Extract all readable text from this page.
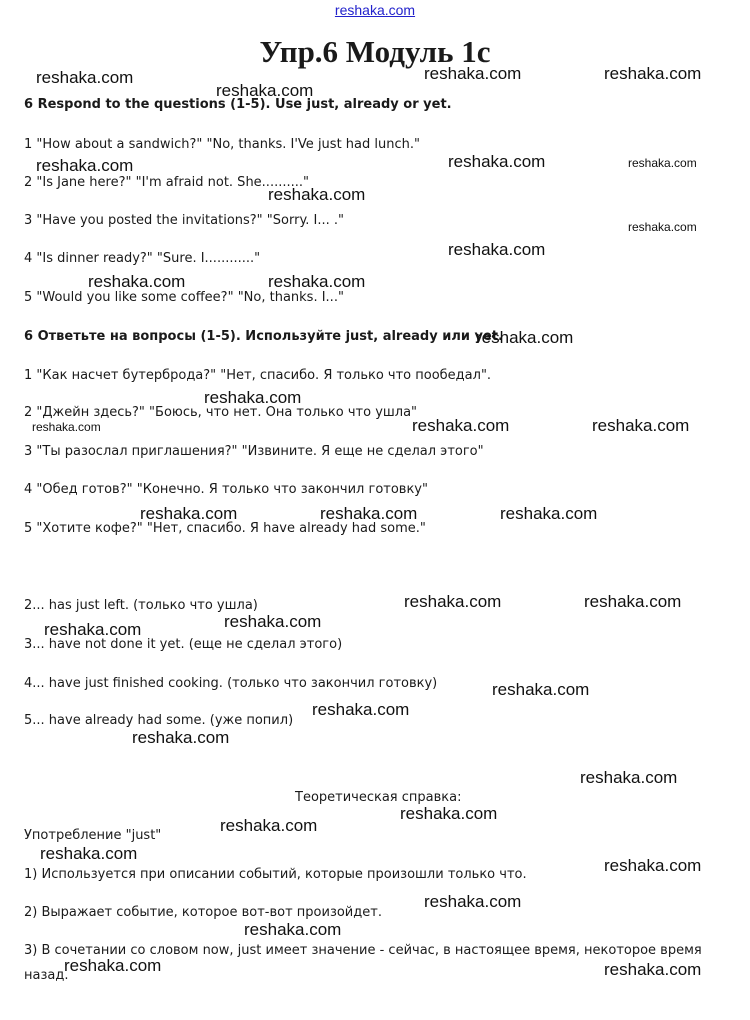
reshaka.com
Упр.6 Модуль 1с
6 Respond to the questions (1-5). Use just, already or yet.
1 "How about a sandwich?" "No, thanks. I'Ve just had lunch."
2 "Is Jane here?" "I'm afraid not. She.........."
3 "Have you posted the invitations?" "Sorry. I... ."
4 "Is dinner ready?" "Sure. I............"
5 "Would you like some coffee?" "No, thanks. I..."
6 Ответьте на вопросы (1-5). Используйте just, already или yet.
1 "Как насчет бутерброда?" "Нет, спасибо. Я только что пообедал".
2 "Джейн здесь?" "Боюсь, что нет. Она только что ушла"
3 "Ты разослал приглашения?" "Извините. Я еще не сделал этого"
4 "Обед готов?" "Конечно. Я только что закончил готовку"
5 "Хотите кофе?" "Нет, спасибо. Я have already had some."
2... has just left. (только что ушла)
3... have not done it yet. (еще не сделал этого)
4... have just finished cooking. (только что закончил готовку)
5... have already had some. (уже попил)
Теоретическая справка:
Употребление "just"
1) Используется при описании событий, которые произошли только что.
2) Выражает событие, которое вот-вот произойдет.
3) В сочетании со словом now, just имеет значение - сейчас, в настоящее время, некоторое время
назад.
reshaka.com
reshaka.com
reshaka.com	reshaka.com
reshaka.com	reshaka.com	reshaka.com
reshaka.com
reshaka.com
reshaka.com
reshaka.com	reshaka.com
reshaka.com
reshaka.com
reshaka.com	reshaka.com	reshaka.com
reshaka.com	reshaka.com	reshaka.com
reshaka.com	reshaka.com
reshaka.com
reshaka.com
reshaka.com
reshaka.com
reshaka.com
reshaka.com
reshaka.com
reshaka.com
reshaka.com
reshaka.com
reshaka.com
reshaka.com
reshaka.com	reshaka.com
